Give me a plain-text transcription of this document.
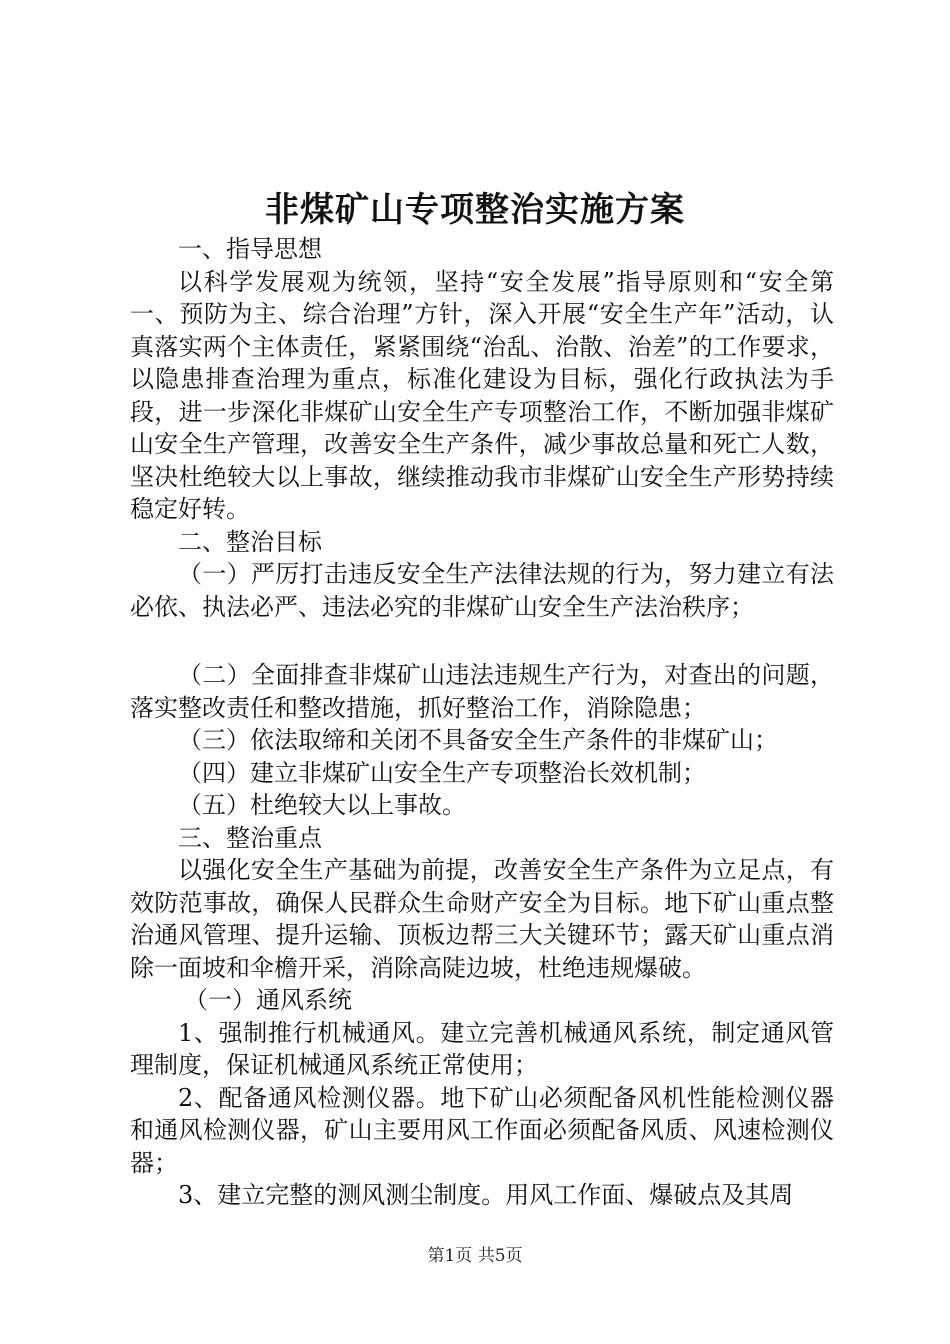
非煤矿山专项整治实施方案

一、指导思想

以科学发展观为统领，坚持“安全发展”指导原则和“安全第一、预防为主、综合治理”方针，深入开展“安全生产年”活动，认真落实两个主体责任，紧紧围绕“治乱、治散、治差”的工作要求，以隐患排查治理为重点，标准化建设为目标，强化行政执法为手段，进一步深化非煤矿山安全生产专项整治工作，不断加强非煤矿山安全生产管理，改善安全生产条件，减少事故总量和死亡人数，坚决杜绝较大以上事故，继续推动我市非煤矿山安全生产形势持续稳定好转。

二、整治目标

（一）严厉打击违反安全生产法律法规的行为，努力建立有法必依、执法必严、违法必究的非煤矿山安全生产法治秩序；

（二）全面排查非煤矿山违法违规生产行为，对查出的问题，落实整改责任和整改措施，抓好整治工作，消除隐患；

（三）依法取缔和关闭不具备安全生产条件的非煤矿山；

（四）建立非煤矿山安全生产专项整治长效机制；

（五）杜绝较大以上事故。

三、整治重点

以强化安全生产基础为前提，改善安全生产条件为立足点，有效防范事故，确保人民群众生命财产安全为目标。地下矿山重点整治通风管理、提升运输、顶板边帮三大关键环节；露天矿山重点消除一面坡和伞檐开采，消除高陡边坡，杜绝违规爆破。

（一）通风系统

1、强制推行机械通风。建立完善机械通风系统，制定通风管理制度，保证机械通风系统正常使用；

2、配备通风检测仪器。地下矿山必须配备风机性能检测仪器和通风检测仪器，矿山主要用风工作面必须配备风质、风速检测仪器；

3、建立完整的测风测尘制度。用风工作面、爆破点及其周

第1页 共5页
